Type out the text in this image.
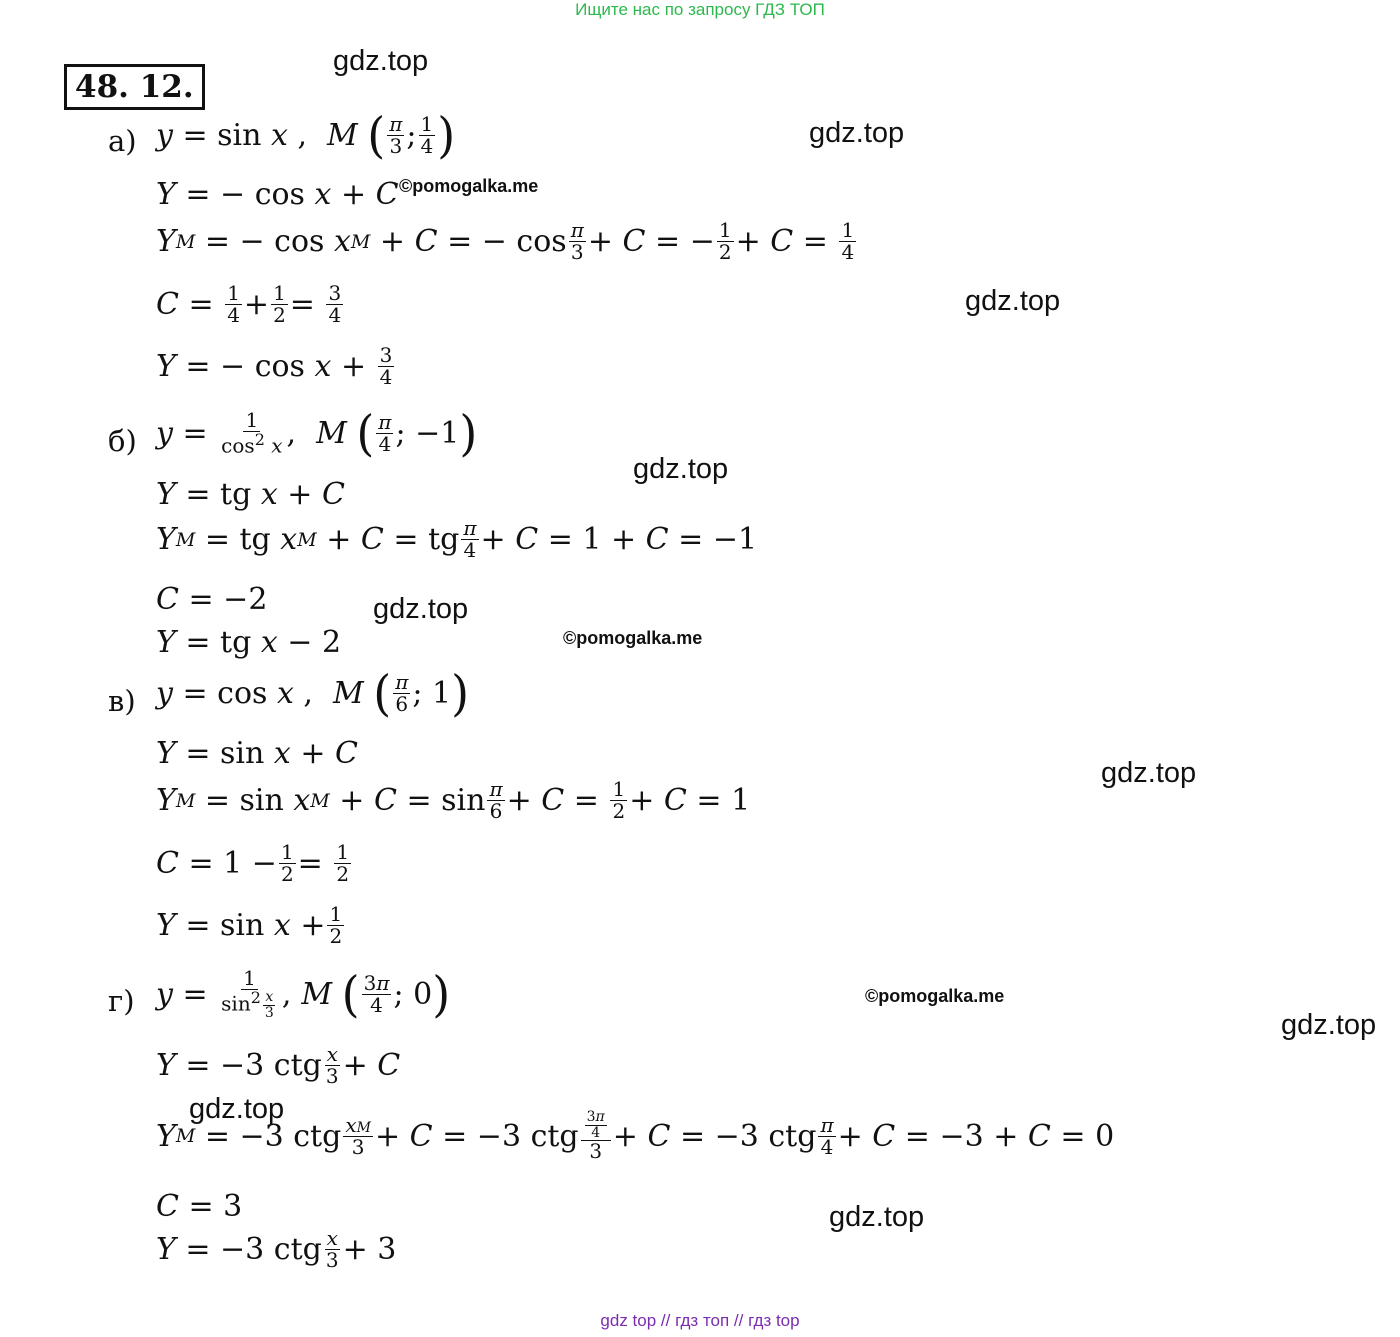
Ищите нас по запросу ГДЗ ТОП
48. 12.
gdz.top
gdz.top
gdz.top
gdz.top
gdz.top
gdz.top
gdz.top
gdz.top
gdz.top
©pomogalka.me
©pomogalka.me
©pomogalka.me
а) y = sin x , M
( $\frac{\pi}{3}$ ; $\frac{1}{4}$ )
Y = − cos x + C
Y M = − cos x M + C = − $\cos \frac{\pi}{3} + C$ = − $\frac{1}{2} + C = \frac{1}{4}$
$C = \frac{1}{4} + \frac{1}{2} = \frac{3}{4}$
Y = − $\cos x + \frac{3}{4}$
б) $y = \frac{1}{\cos^2 x}$ , M
( $\frac{\pi}{4}$ ; −1 )
Y = tg x + C
Y M = tg x M + C = tg $\frac{\pi}{4} + C = 1 + C = -1$
C = −2
Y = tg x − 2
в) y = cos x , M
( $\frac{\pi}{6}$ ; 1 )
Y = sin x + C
Y M = sin x $M + C = \sin \frac{\pi}{6} + C = \frac{1}{2} + C = 1$
$C = 1 - \frac{1}{2} = \frac{1}{2}$
$Y = \sin x + \frac{1}{2}$
г) $y = \frac{1}{\sin^2 \frac{x}{3}}$ , M
( $\frac{3\pi}{4}$ ; 0 )
Y = −3 ctg $\frac{x}{3} + C$
Y M = −3 ctg $\frac{xM}{3} + C = -3$ ctg $\frac{\frac{3\pi}{4}}{3} + C = -3$ ctg $\frac{\pi}{4} + C = -3 + C = 0$
C = 3
Y = −3 ctg $\frac{x}{3} + 3$
gdz top // гдз топ // гдз top
